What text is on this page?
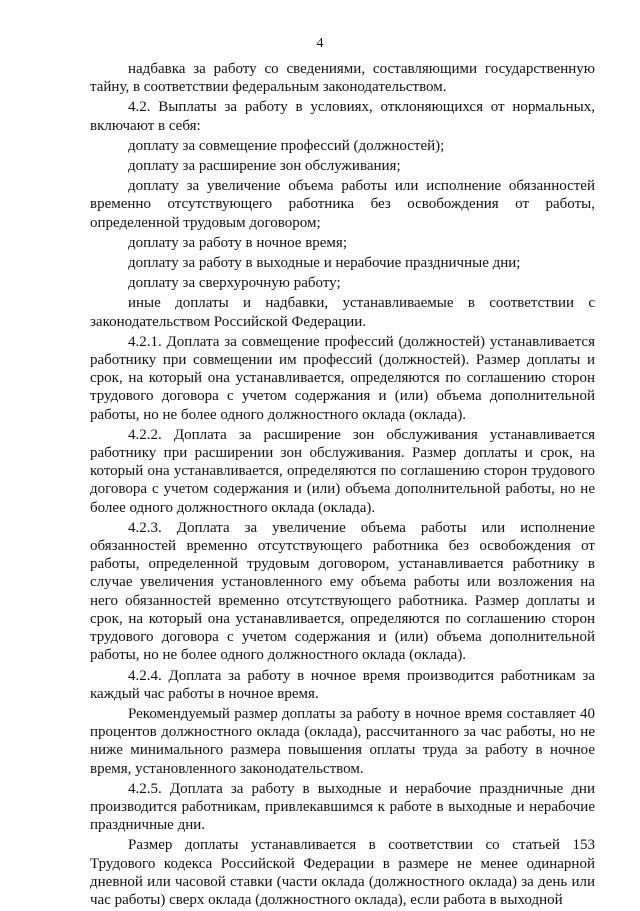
4

надбавка за работу со сведениями, составляющими государственную тайну, в соответствии федеральным законодательством.

4.2. Выплаты за работу в условиях, отклоняющихся от нормальных, включают в себя:

доплату за совмещение профессий (должностей);

доплату за расширение зон обслуживания;

доплату за увеличение объема работы или исполнение обязанностей временно отсутствующего работника без освобождения от работы, определенной трудовым договором;

доплату за работу в ночное время;

доплату за работу в выходные и нерабочие праздничные дни;

доплату за сверхурочную работу;

иные доплаты и надбавки, устанавливаемые в соответствии с законодательством Российской Федерации.

4.2.1. Доплата за совмещение профессий (должностей) устанавливается работнику при совмещении им профессий (должностей). Размер доплаты и срок, на который она устанавливается, определяются по соглашению сторон трудового договора с учетом содержания и (или) объема дополнительной работы, но не более одного должностного оклада (оклада).

4.2.2. Доплата за расширение зон обслуживания устанавливается работнику при расширении зон обслуживания. Размер доплаты и срок, на который она устанавливается, определяются по соглашению сторон трудового договора с учетом содержания и (или) объема дополнительной работы, но не более одного должностного оклада (оклада).

4.2.3. Доплата за увеличение объема работы или исполнение обязанностей временно отсутствующего работника без освобождения от работы, определенной трудовым договором, устанавливается работнику в случае увеличения установленного ему объема работы или возложения на него обязанностей временно отсутствующего работника. Размер доплаты и срок, на который она устанавливается, определяются по соглашению сторон трудового договора с учетом содержания и (или) объема дополнительной работы, но не более одного должностного оклада (оклада).

4.2.4. Доплата за работу в ночное время производится работникам за каждый час работы в ночное время.

Рекомендуемый размер доплаты за работу в ночное время составляет 40 процентов должностного оклада (оклада), рассчитанного за час работы, но не ниже минимального размера повышения оплаты труда за работу в ночное время, установленного законодательством.

4.2.5. Доплата за работу в выходные и нерабочие праздничные дни производится работникам, привлекавшимся к работе в выходные и нерабочие праздничные дни.

Размер доплаты устанавливается в соответствии со статьей 153 Трудового кодекса Российской Федерации в размере не менее одинарной дневной или часовой ставки (части оклада (должностного оклада) за день или час работы) сверх оклада (должностного оклада), если работа в выходной
